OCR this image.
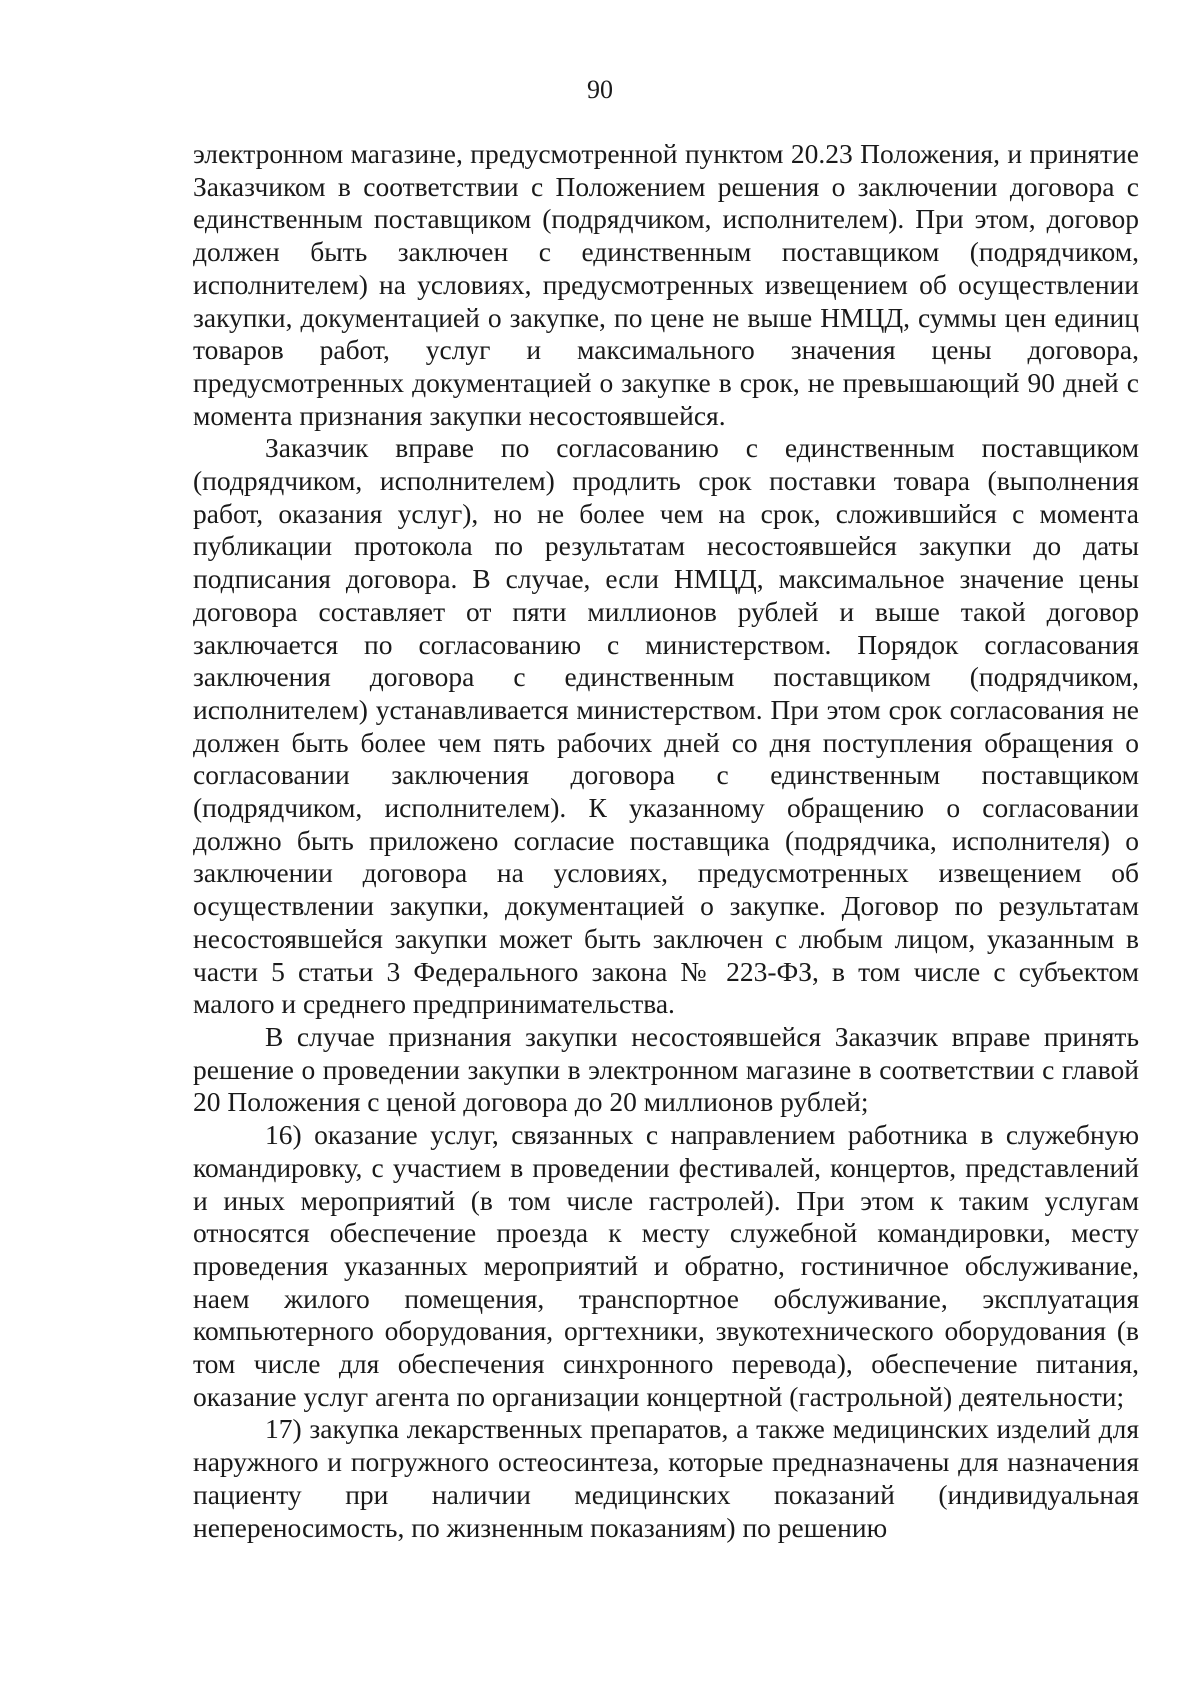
90

электронном магазине, предусмотренной пунктом 20.23 Положения, и принятие Заказчиком в соответствии с Положением решения о заключении договора с единственным поставщиком (подрядчиком, исполнителем). При этом, договор должен быть заключен с единственным поставщиком (подрядчиком, исполнителем) на условиях, предусмотренных извещением об осуществлении закупки, документацией о закупке, по цене не выше НМЦД, суммы цен единиц товаров работ, услуг и максимального значения цены договора, предусмотренных документацией о закупке в срок, не превышающий 90 дней с момента признания закупки несостоявшейся.

Заказчик вправе по согласованию с единственным поставщиком (подрядчиком, исполнителем) продлить срок поставки товара (выполнения работ, оказания услуг), но не более чем на срок, сложившийся с момента публикации протокола по результатам несостоявшейся закупки до даты подписания договора. В случае, если НМЦД, максимальное значение цены договора составляет от пяти миллионов рублей и выше такой договор заключается по согласованию с министерством. Порядок согласования заключения договора с единственным поставщиком (подрядчиком, исполнителем) устанавливается министерством. При этом срок согласования не должен быть более чем пять рабочих дней со дня поступления обращения о согласовании заключения договора с единственным поставщиком (подрядчиком, исполнителем). К указанному обращению о согласовании должно быть приложено согласие поставщика (подрядчика, исполнителя) о заключении договора на условиях, предусмотренных извещением об осуществлении закупки, документацией о закупке. Договор по результатам несостоявшейся закупки может быть заключен с любым лицом, указанным в части 5 статьи 3 Федерального закона № 223-ФЗ, в том числе с субъектом малого и среднего предпринимательства.

В случае признания закупки несостоявшейся Заказчик вправе принять решение о проведении закупки в электронном магазине в соответствии с главой 20 Положения с ценой договора до 20 миллионов рублей;

16) оказание услуг, связанных с направлением работника в служебную командировку, с участием в проведении фестивалей, концертов, представлений и иных мероприятий (в том числе гастролей). При этом к таким услугам относятся обеспечение проезда к месту служебной командировки, месту проведения указанных мероприятий и обратно, гостиничное обслуживание, наем жилого помещения, транспортное обслуживание, эксплуатация компьютерного оборудования, оргтехники, звукотехнического оборудования (в том числе для обеспечения синхронного перевода), обеспечение питания, оказание услуг агента по организации концертной (гастрольной) деятельности;

17) закупка лекарственных препаратов, а также медицинских изделий для наружного и погружного остеосинтеза, которые предназначены для назначения пациенту при наличии медицинских показаний (индивидуальная непереносимость, по жизненным показаниям) по решению
